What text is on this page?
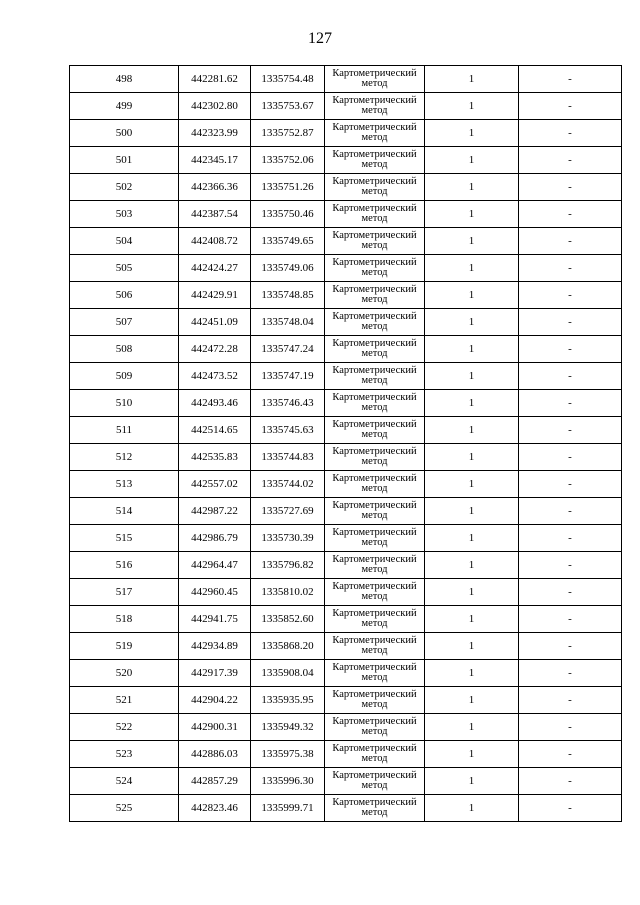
127
498	442281.62	1335754.48	Картометрический метод	1	-
499	442302.80	1335753.67	Картометрический метод	1	-
500	442323.99	1335752.87	Картометрический метод	1	-
501	442345.17	1335752.06	Картометрический метод	1	-
502	442366.36	1335751.26	Картометрический метод	1	-
503	442387.54	1335750.46	Картометрический метод	1	-
504	442408.72	1335749.65	Картометрический метод	1	-
505	442424.27	1335749.06	Картометрический метод	1	-
506	442429.91	1335748.85	Картометрический метод	1	-
507	442451.09	1335748.04	Картометрический метод	1	-
508	442472.28	1335747.24	Картометрический метод	1	-
509	442473.52	1335747.19	Картометрический метод	1	-
510	442493.46	1335746.43	Картометрический метод	1	-
511	442514.65	1335745.63	Картометрический метод	1	-
512	442535.83	1335744.83	Картометрический метод	1	-
513	442557.02	1335744.02	Картометрический метод	1	-
514	442987.22	1335727.69	Картометрический метод	1	-
515	442986.79	1335730.39	Картометрический метод	1	-
516	442964.47	1335796.82	Картометрический метод	1	-
517	442960.45	1335810.02	Картометрический метод	1	-
518	442941.75	1335852.60	Картометрический метод	1	-
519	442934.89	1335868.20	Картометрический метод	1	-
520	442917.39	1335908.04	Картометрический метод	1	-
521	442904.22	1335935.95	Картометрический метод	1	-
522	442900.31	1335949.32	Картометрический метод	1	-
523	442886.03	1335975.38	Картометрический метод	1	-
524	442857.29	1335996.30	Картометрический метод	1	-
525	442823.46	1335999.71	Картометрический метод	1	-
